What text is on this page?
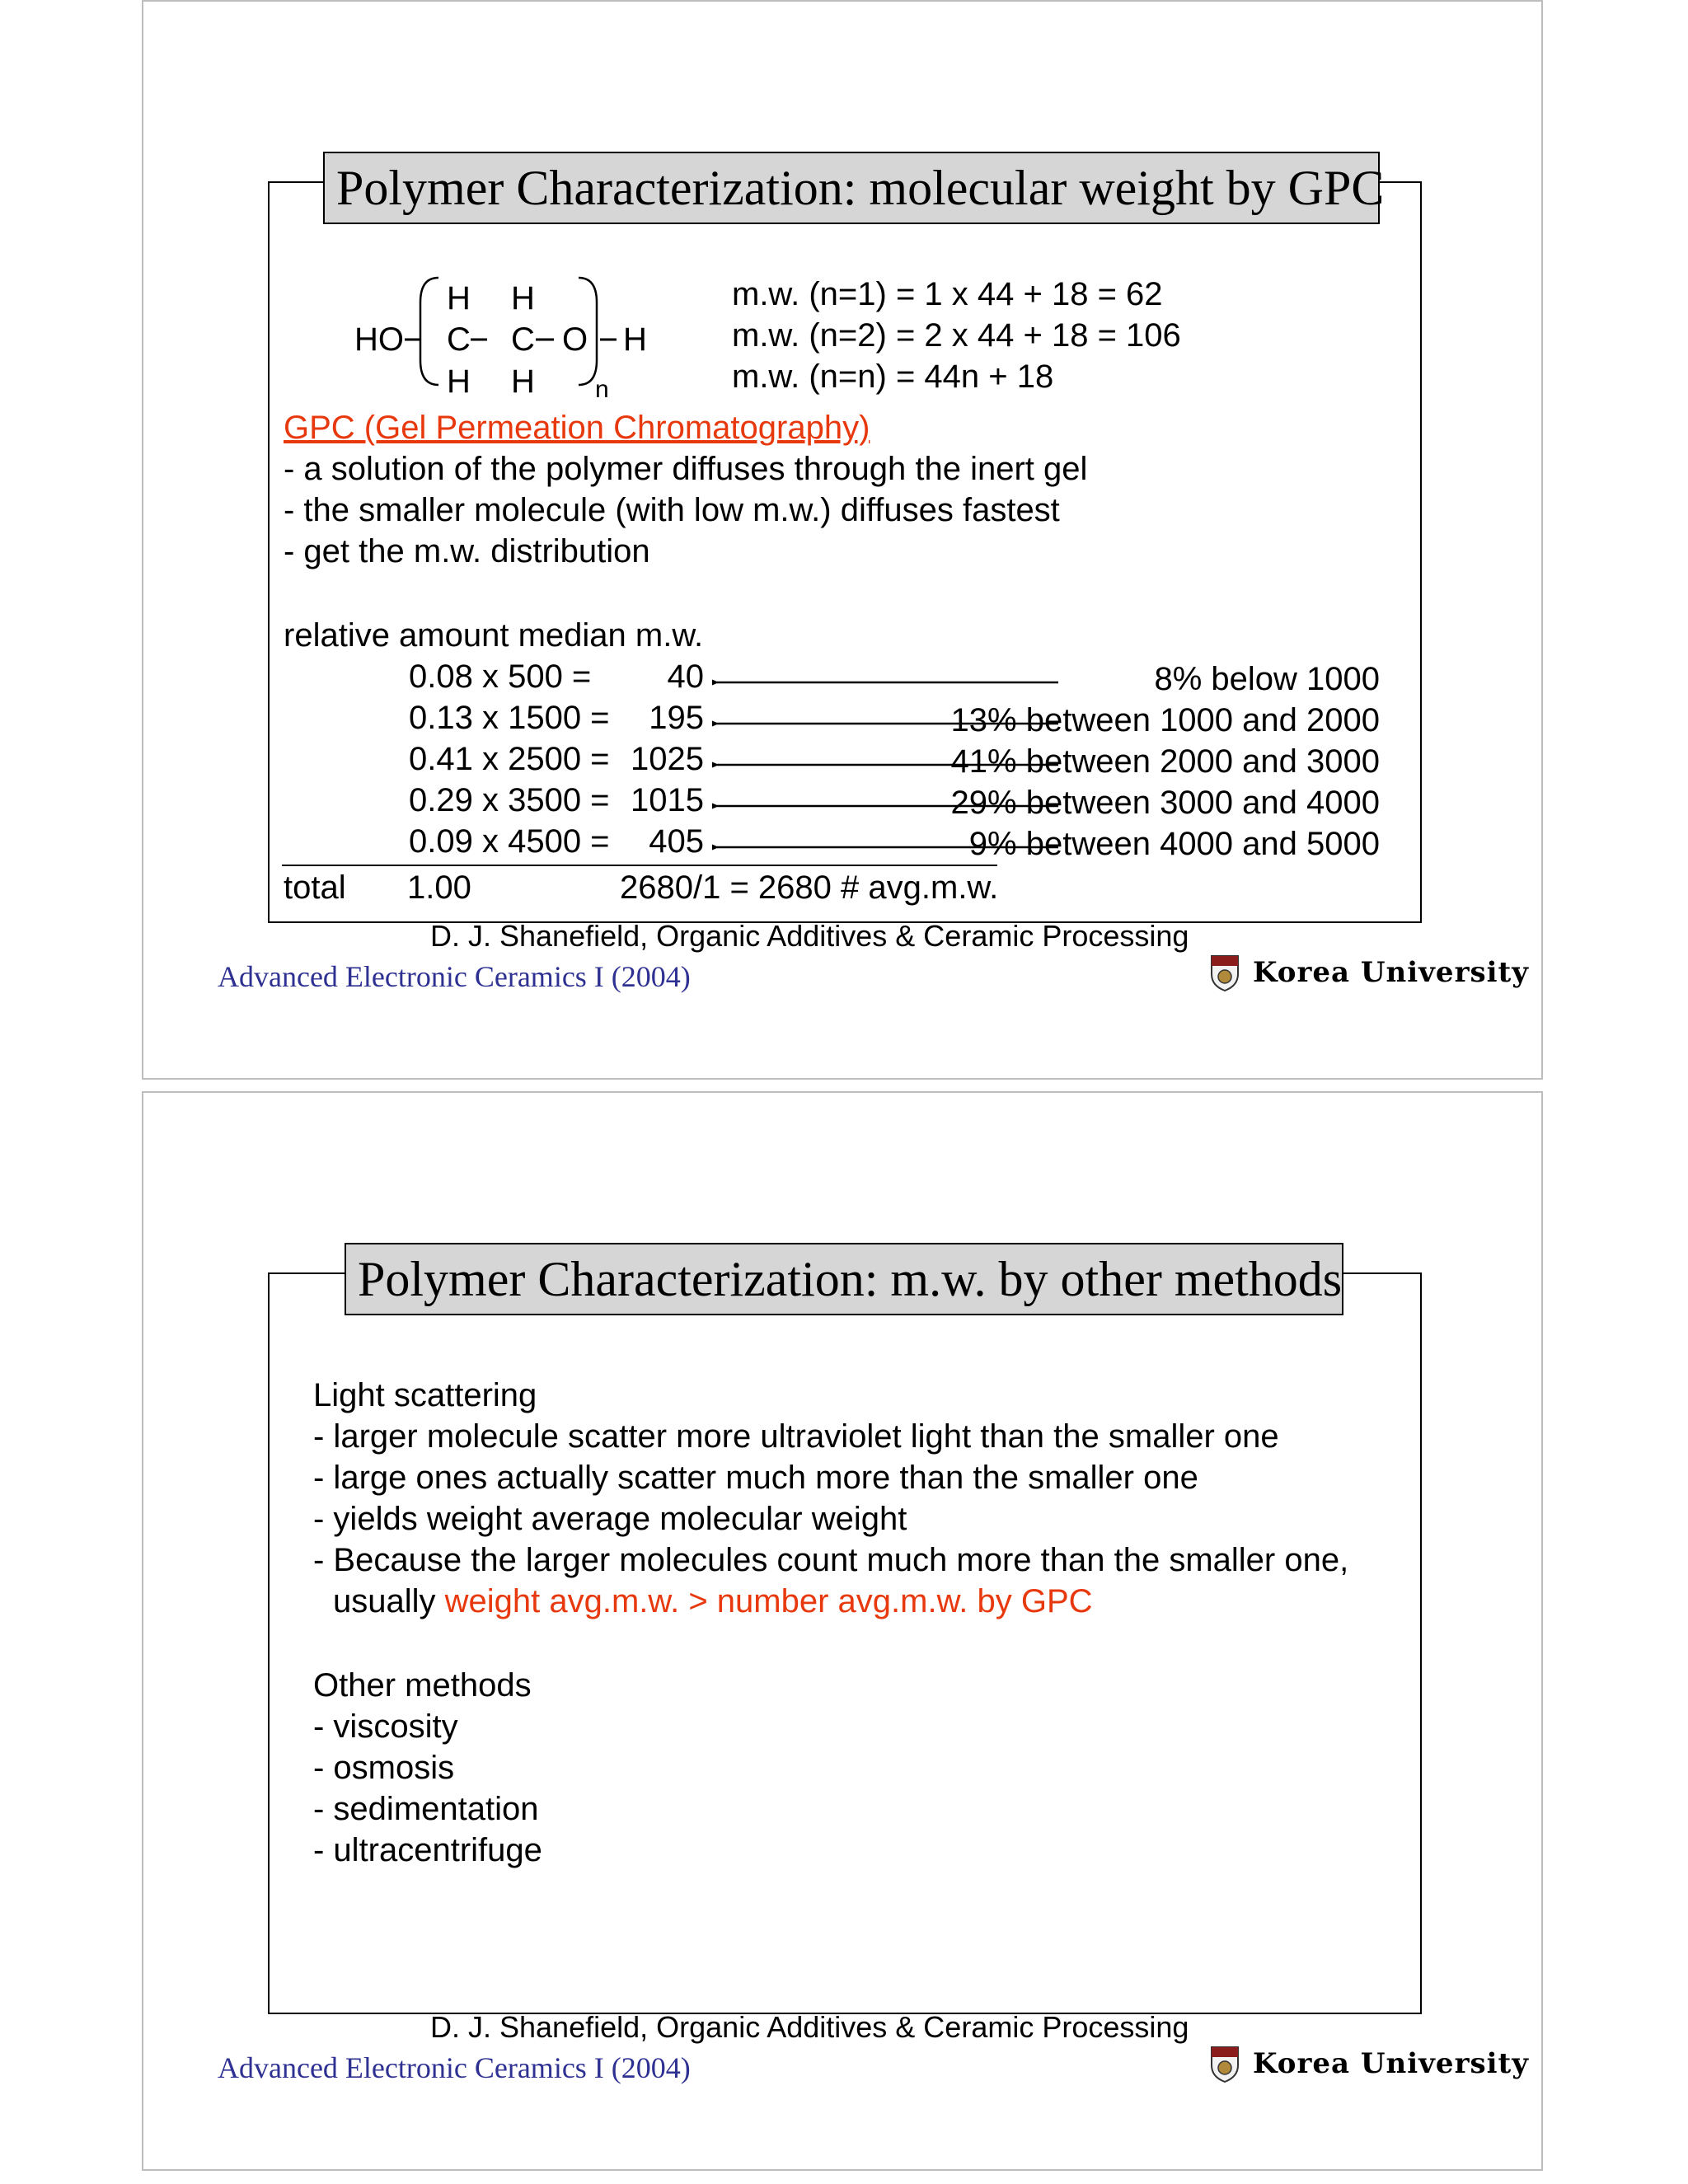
Polymer Characterization: molecular weight by GPC
H H
HO C C O H
H H n
m.w. (n=1) = 1 x 44 + 18 = 62
m.w. (n=2) = 2 x 44 + 18 = 106
m.w. (n=n) = 44n + 18
GPC (Gel Permeation Chromatography)
- a solution of the polymer diffuses through the inert gel
- the smaller molecule (with low m.w.) diffuses fastest
- get the m.w. distribution
relative amount median m.w.
0.08 x 500 = 40	8% below 1000
0.13 x 1500 = 195	13% between 1000 and 2000
0.41 x 2500 = 1025	41% between 2000 and 3000
0.29 x 3500 = 1015	29% between 3000 and 4000
0.09 x 4500 = 405	9% between 4000 and 5000
total 1.00	2680/1 = 2680 # avg.m.w.
D. J. Shanefield, Organic Additives & Ceramic Processing
Advanced Electronic Ceramics I (2004)	Korea University
Polymer Characterization: m.w. by other methods
Light scattering
- larger molecule scatter more ultraviolet light than the smaller one
- large ones actually scatter much more than the smaller one
- yields weight average molecular weight
- Because the larger molecules count much more than the smaller one,
usually weight avg.m.w. > number avg.m.w. by GPC
Other methods
- viscosity
- osmosis
- sedimentation
- ultracentrifuge
D. J. Shanefield, Organic Additives & Ceramic Processing
Advanced Electronic Ceramics I (2004)	Korea University
